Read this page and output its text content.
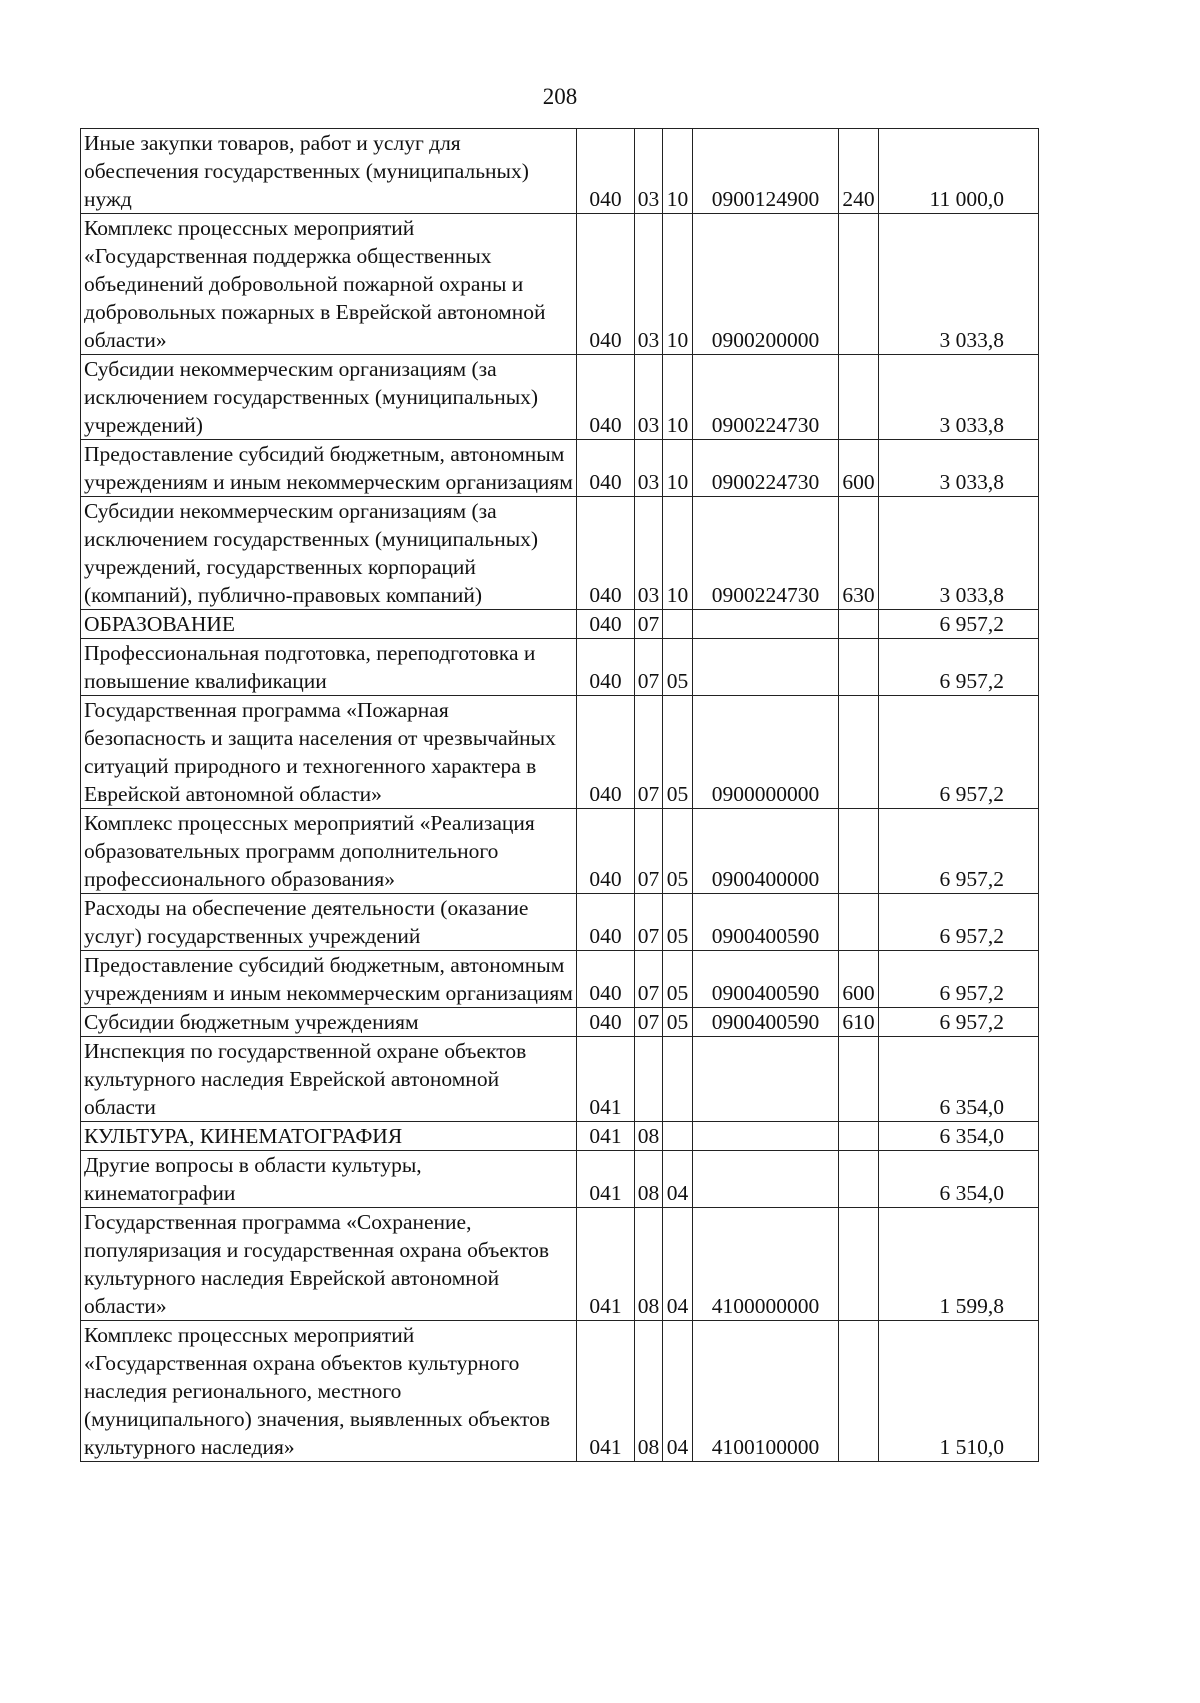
208
Иные закупки товаров, работ и услуг для обеспечения государственных (муниципальных) нужд	040	03	10	0900124900	240	11 000,0
Комплекс процессных мероприятий «Государственная поддержка общественных объединений добровольной пожарной охраны и добровольных пожарных в Еврейской автономной области»	040	03	10	0900200000		3 033,8
Субсидии некоммерческим организациям (за исключением государственных (муниципальных) учреждений)	040	03	10	0900224730		3 033,8
Предоставление субсидий бюджетным, автономным учреждениям и иным некоммерческим организациям	040	03	10	0900224730	600	3 033,8
Субсидии некоммерческим организациям (за исключением государственных (муниципальных) учреждений, государственных корпораций (компаний), публично-правовых компаний)	040	03	10	0900224730	630	3 033,8
ОБРАЗОВАНИЕ	040	07				6 957,2
Профессиональная подготовка, переподготовка и повышение квалификации	040	07	05			6 957,2
Государственная программа «Пожарная безопасность и защита населения от чрезвычайных ситуаций природного и техногенного характера в Еврейской автономной области»	040	07	05	0900000000		6 957,2
Комплекс процессных мероприятий «Реализация образовательных программ дополнительного профессионального образования»	040	07	05	0900400000		6 957,2
Расходы на обеспечение деятельности (оказание услуг) государственных учреждений	040	07	05	0900400590		6 957,2
Предоставление субсидий бюджетным, автономным учреждениям и иным некоммерческим организациям	040	07	05	0900400590	600	6 957,2
Субсидии бюджетным учреждениям	040	07	05	0900400590	610	6 957,2
Инспекция по государственной охране объектов культурного наследия Еврейской автономной области	041					6 354,0
КУЛЬТУРА, КИНЕМАТОГРАФИЯ	041	08				6 354,0
Другие вопросы в области культуры, кинематографии	041	08	04			6 354,0
Государственная программа «Сохранение, популяризация и государственная охрана объектов культурного наследия Еврейской автономной области»	041	08	04	4100000000		1 599,8
Комплекс процессных мероприятий «Государственная охрана объектов культурного наследия регионального, местного (муниципального) значения, выявленных объектов культурного наследия»	041	08	04	4100100000		1 510,0
